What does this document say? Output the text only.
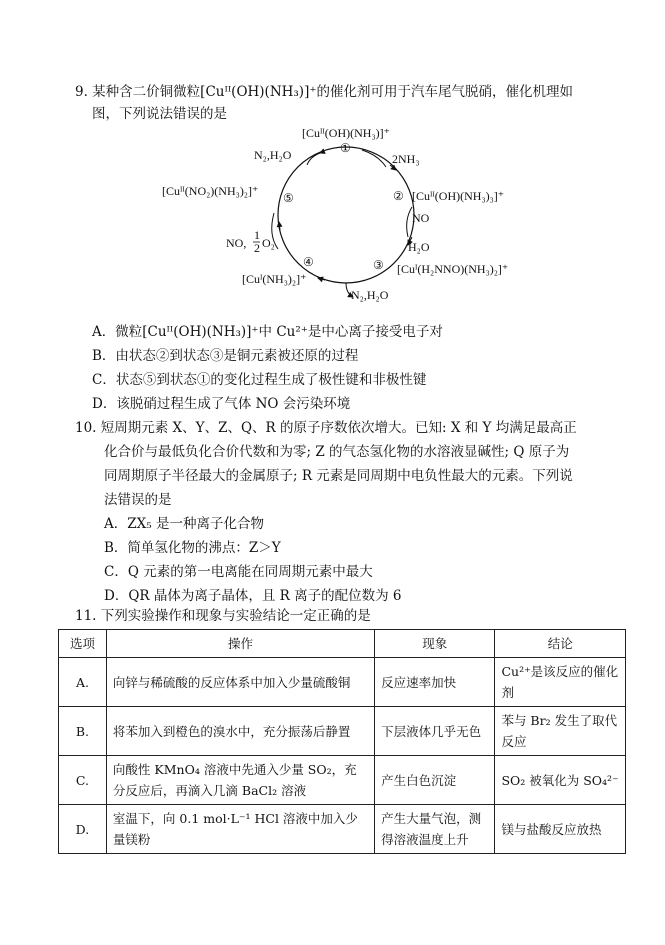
9. 某种含二价铜微粒[Cuᴵᴵ(OH)(NH₃)]⁺的催化剂可用于汽车尾气脱硝，催化机理如
图，下列说法错误的是
①
②
③
④
⑤
[Cuᴵᴵ(OH)(NH₃)]⁺
[Cuᴵᴵ(OH)(NH₃)₃]⁺
[Cuᴵ(H₂NNO)(NH₃)₂]⁺
[Cuᴵ(NH₃)₂]⁺
[Cuᴵᴵ(NO₂)(NH₃)₂]⁺
2NH₃
NO
H₂O
N₂,H₂O
NO,
1
2 O₂
N₂,H₂O
A．微粒[Cuᴵᴵ(OH)(NH₃)]⁺中 Cu²⁺是中心离子接受电子对
B．由状态②到状态③是铜元素被还原的过程
C．状态⑤到状态①的变化过程生成了极性键和非极性键
D．该脱硝过程生成了气体 NO 会污染环境
10. 短周期元素 X、Y、Z、Q、R 的原子序数依次增大。已知: X 和 Y 均满足最高正
化合价与最低负化合价代数和为零; Z 的气态氢化物的水溶液显碱性; Q 原子为
同周期原子半径最大的金属原子; R 元素是同周期中电负性最大的元素。下列说
法错误的是
A．ZX₅ 是一种离子化合物
B．简单氢化物的沸点：Z＞Y
C．Q 元素的第一电离能在同周期元素中最大
D．QR 晶体为离子晶体，且 R 离子的配位数为 6
11. 下列实验操作和现象与实验结论一定正确的是
选项	操作	现象	结论
A.	向锌与稀硫酸的反应体系中加入少量硫酸铜	反应速率加快	Cu²⁺是该反应的催化剂
B.	将苯加入到橙色的溴水中，充分振荡后静置	下层液体几乎无色	苯与 Br₂ 发生了取代反应
C.	向酸性 KMnO₄ 溶液中先通入少量 SO₂，充分反应后，再滴入几滴 BaCl₂ 溶液	产生白色沉淀	SO₂ 被氧化为 SO₄²⁻
D.	室温下，向 0.1 mol·L⁻¹ HCl 溶液中加入少量镁粉	产生大量气泡，测得溶液温度上升	镁与盐酸反应放热
